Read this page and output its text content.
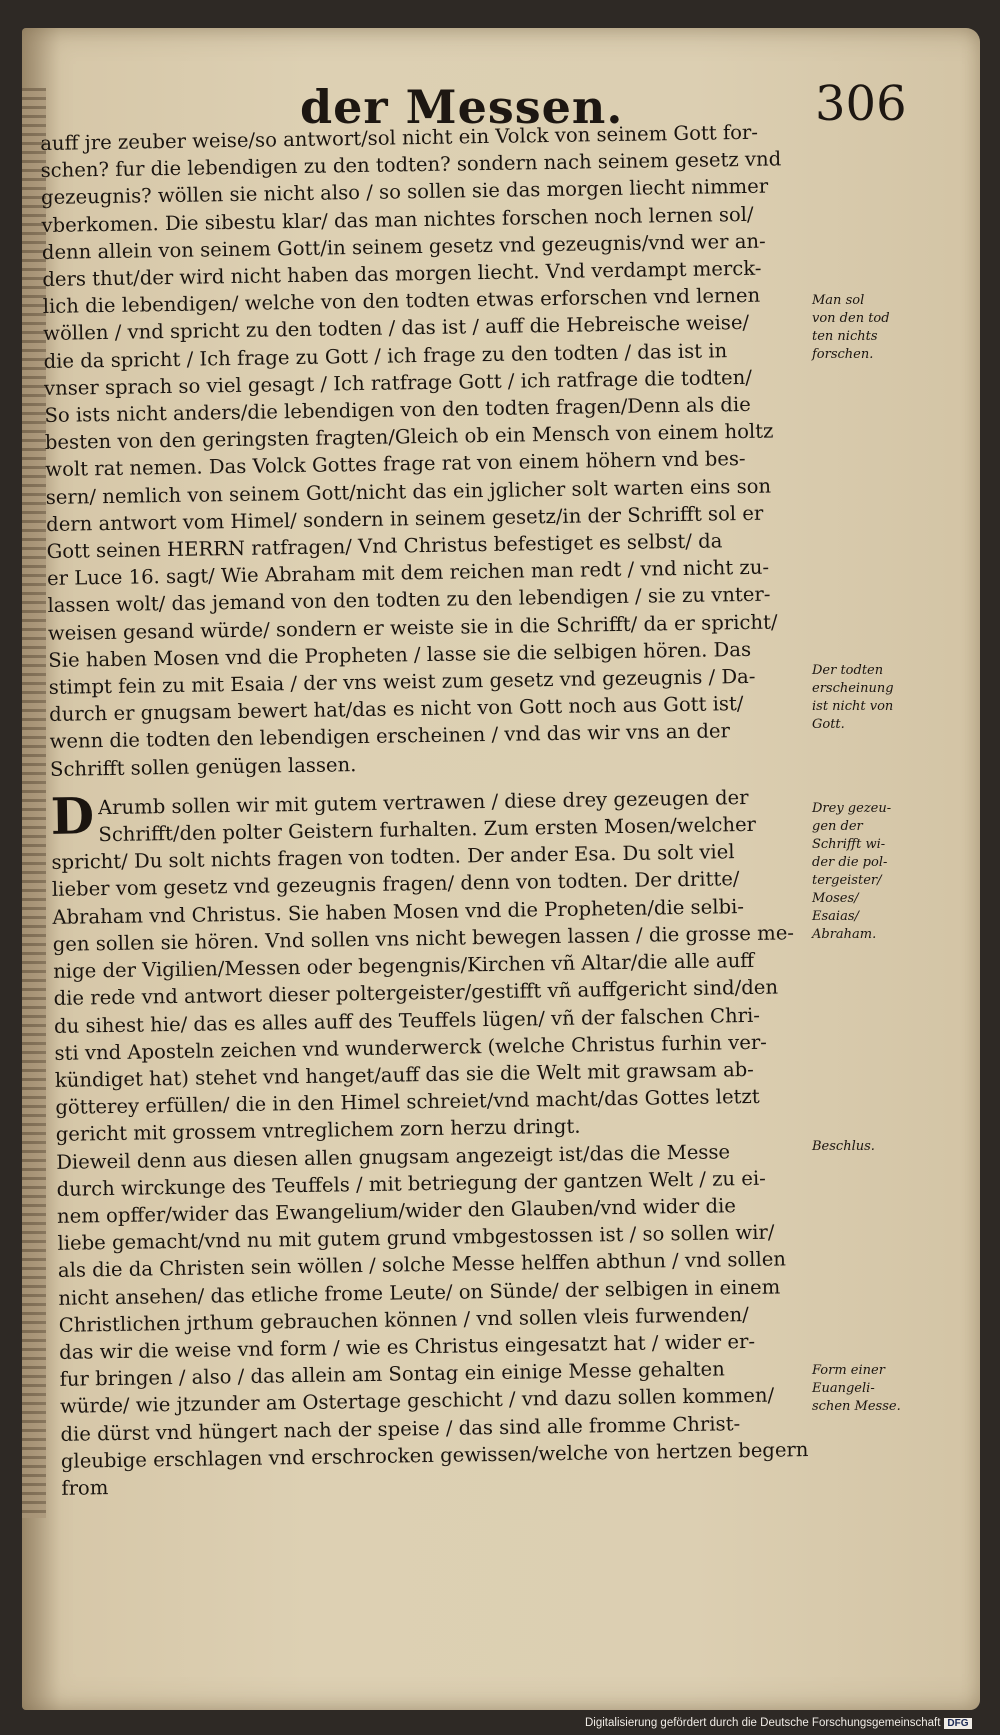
der Messen.	306
auff jre zeuber weise/so antwort/sol nicht ein Volck von seinem Gott for-
schen? fur die lebendigen zu den todten? sondern nach seinem gesetz vnd
gezeugnis? wöllen sie nicht also / so sollen sie das morgen liecht nimmer
vberkomen. Die sibestu klar/ das man nichtes forschen noch lernen sol/
denn allein von seinem Gott/in seinem gesetz vnd gezeugnis/vnd wer an-
ders thut/der wird nicht haben das morgen liecht. Vnd verdampt merck-
lich die lebendigen/ welche von den todten etwas erforschen vnd lernen
wöllen / vnd spricht zu den todten / das ist / auff die Hebreische weise/
die da spricht / Ich frage zu Gott / ich frage zu den todten / das ist in
vnser sprach so viel gesagt / Ich ratfrage Gott / ich ratfrage die todten/
So ists nicht anders/die lebendigen von den todten fragen/Denn als die
besten von den geringsten fragten/Gleich ob ein Mensch von einem holtz
wolt rat nemen. Das Volck Gottes frage rat von einem höhern vnd bes-
sern/ nemlich von seinem Gott/nicht das ein jglicher solt warten eins son
dern antwort vom Himel/ sondern in seinem gesetz/in der Schrifft sol er
Gott seinen HERRN ratfragen/ Vnd Christus befestiget es selbst/ da
er Luce 16. sagt/ Wie Abraham mit dem reichen man redt / vnd nicht zu-
lassen wolt/ das jemand von den todten zu den lebendigen / sie zu vnter-
weisen gesand würde/ sondern er weiste sie in die Schrifft/ da er spricht/
Sie haben Mosen vnd die Propheten / lasse sie die selbigen hören. Das
stimpt fein zu mit Esaia / der vns weist zum gesetz vnd gezeugnis / Da-
durch er gnugsam bewert hat/das es nicht von Gott noch aus Gott ist/
wenn die todten den lebendigen erscheinen / vnd das wir vns an der
Schrifft sollen genügen lassen.
D Arumb sollen wir mit gutem vertrawen / diese drey gezeugen der
Schrifft/den polter Geistern furhalten. Zum ersten Mosen/welcher
spricht/ Du solt nichts fragen von todten. Der ander Esa. Du solt viel
lieber vom gesetz vnd gezeugnis fragen/ denn von todten. Der dritte/
Abraham vnd Christus. Sie haben Mosen vnd die Propheten/die selbi-
gen sollen sie hören. Vnd sollen vns nicht bewegen lassen / die grosse me-
nige der Vigilien/Messen oder begengnis/Kirchen vñ Altar/die alle auff
die rede vnd antwort dieser poltergeister/gestifft vñ auffgericht sind/den
du sihest hie/ das es alles auff des Teuffels lügen/ vñ der falschen Chri-
sti vnd Aposteln zeichen vnd wunderwerck (welche Christus furhin ver-
kündiget hat) stehet vnd hanget/auff das sie die Welt mit grawsam ab-
götterey erfüllen/ die in den Himel schreiet/vnd macht/das Gottes letzt
gericht mit grossem vntreglichem zorn herzu dringt.
Dieweil denn aus diesen allen gnugsam angezeigt ist/das die Messe
durch wirckunge des Teuffels / mit betriegung der gantzen Welt / zu ei-
nem opffer/wider das Ewangelium/wider den Glauben/vnd wider die
liebe gemacht/vnd nu mit gutem grund vmbgestossen ist / so sollen wir/
als die da Christen sein wöllen / solche Messe helffen abthun / vnd sollen
nicht ansehen/ das etliche frome Leute/ on Sünde/ der selbigen in einem
Christlichen jrthum gebrauchen können / vnd sollen vleis furwenden/
das wir die weise vnd form / wie es Christus eingesatzt hat / wider er-
fur bringen / also / das allein am Sontag ein einige Messe gehalten
würde/ wie jtzunder am Ostertage geschicht / vnd dazu sollen kommen/
die dürst vnd hüngert nach der speise / das sind alle fromme Christ-
gleubige erschlagen vnd erschrocken gewissen/welche von hertzen begern
from
Man sol
von den tod
ten nichts
forschen.
Der todten
erscheinung
ist nicht von
Gott.
Drey gezeu-
gen der
Schrifft wi-
der die pol-
tergeister/
Moses/
Esaias/
Abraham.
Beschlus.
Form einer
Euangeli-
schen Messe.
Digitalisierung gefördert durch die Deutsche Forschungsgemeinschaft DFG
